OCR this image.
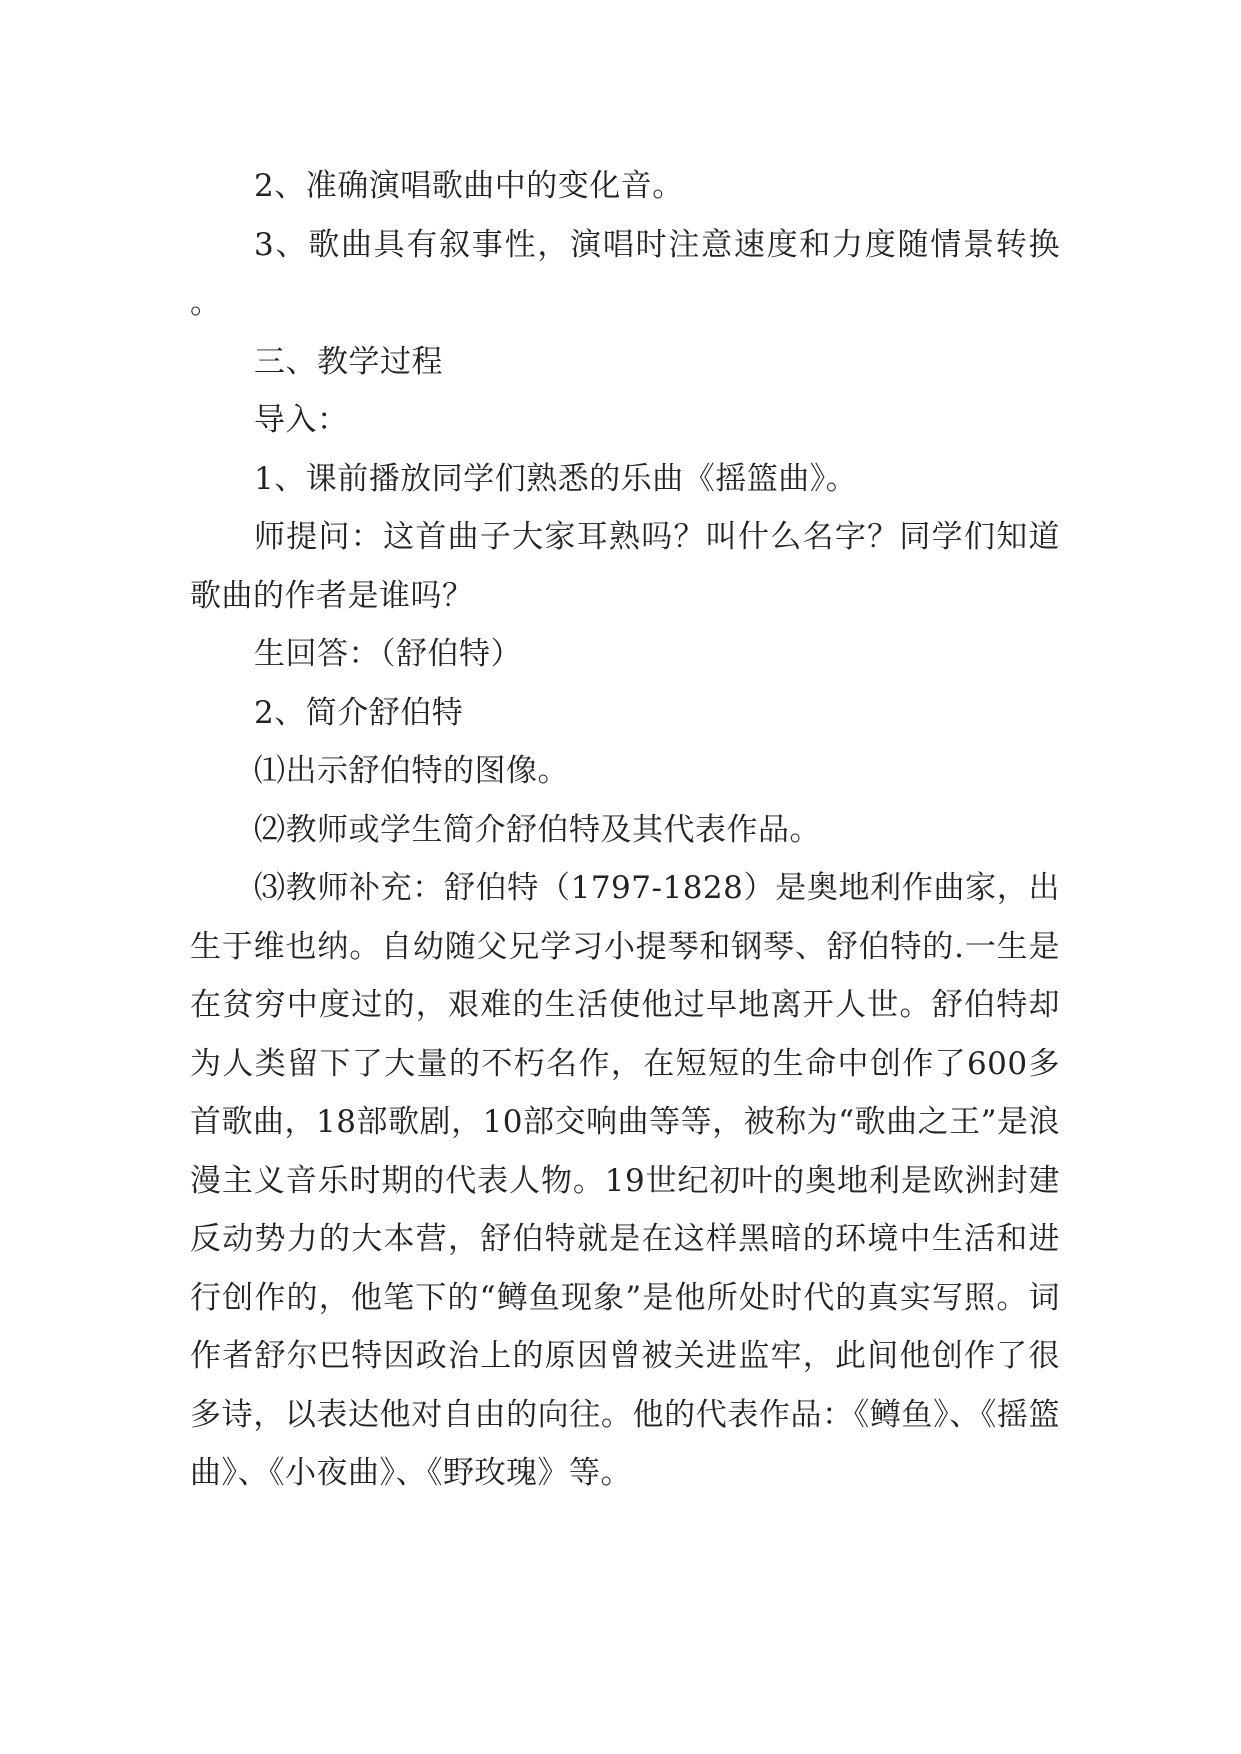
2、准确演唱歌曲中的变化音。

3、歌曲具有叙事性，演唱时注意速度和力度随情景转换。

三、教学过程

导入：

1、课前播放同学们熟悉的乐曲《摇篮曲》。

师提问：这首曲子大家耳熟吗？叫什么名字？同学们知道歌曲的作者是谁吗？

生回答：（舒伯特）

2、简介舒伯特

⑴出示舒伯特的图像。

⑵教师或学生简介舒伯特及其代表作品。

⑶教师补充：舒伯特（1797-1828）是奥地利作曲家，出生于维也纳。自幼随父兄学习小提琴和钢琴、舒伯特的.一生是在贫穷中度过的，艰难的生活使他过早地离开人世。舒伯特却为人类留下了大量的不朽名作，在短短的生命中创作了600多首歌曲，18部歌剧，10部交响曲等等，被称为“歌曲之王”是浪漫主义音乐时期的代表人物。19世纪初叶的奥地利是欧洲封建反动势力的大本营，舒伯特就是在这样黑暗的环境中生活和进行创作的，他笔下的“鳟鱼现象”是他所处时代的真实写照。词作者舒尔巴特因政治上的原因曾被关进监牢，此间他创作了很多诗，以表达他对自由的向往。他的代表作品：《鳟鱼》、《摇篮曲》、《小夜曲》、《野玫瑰》等。
